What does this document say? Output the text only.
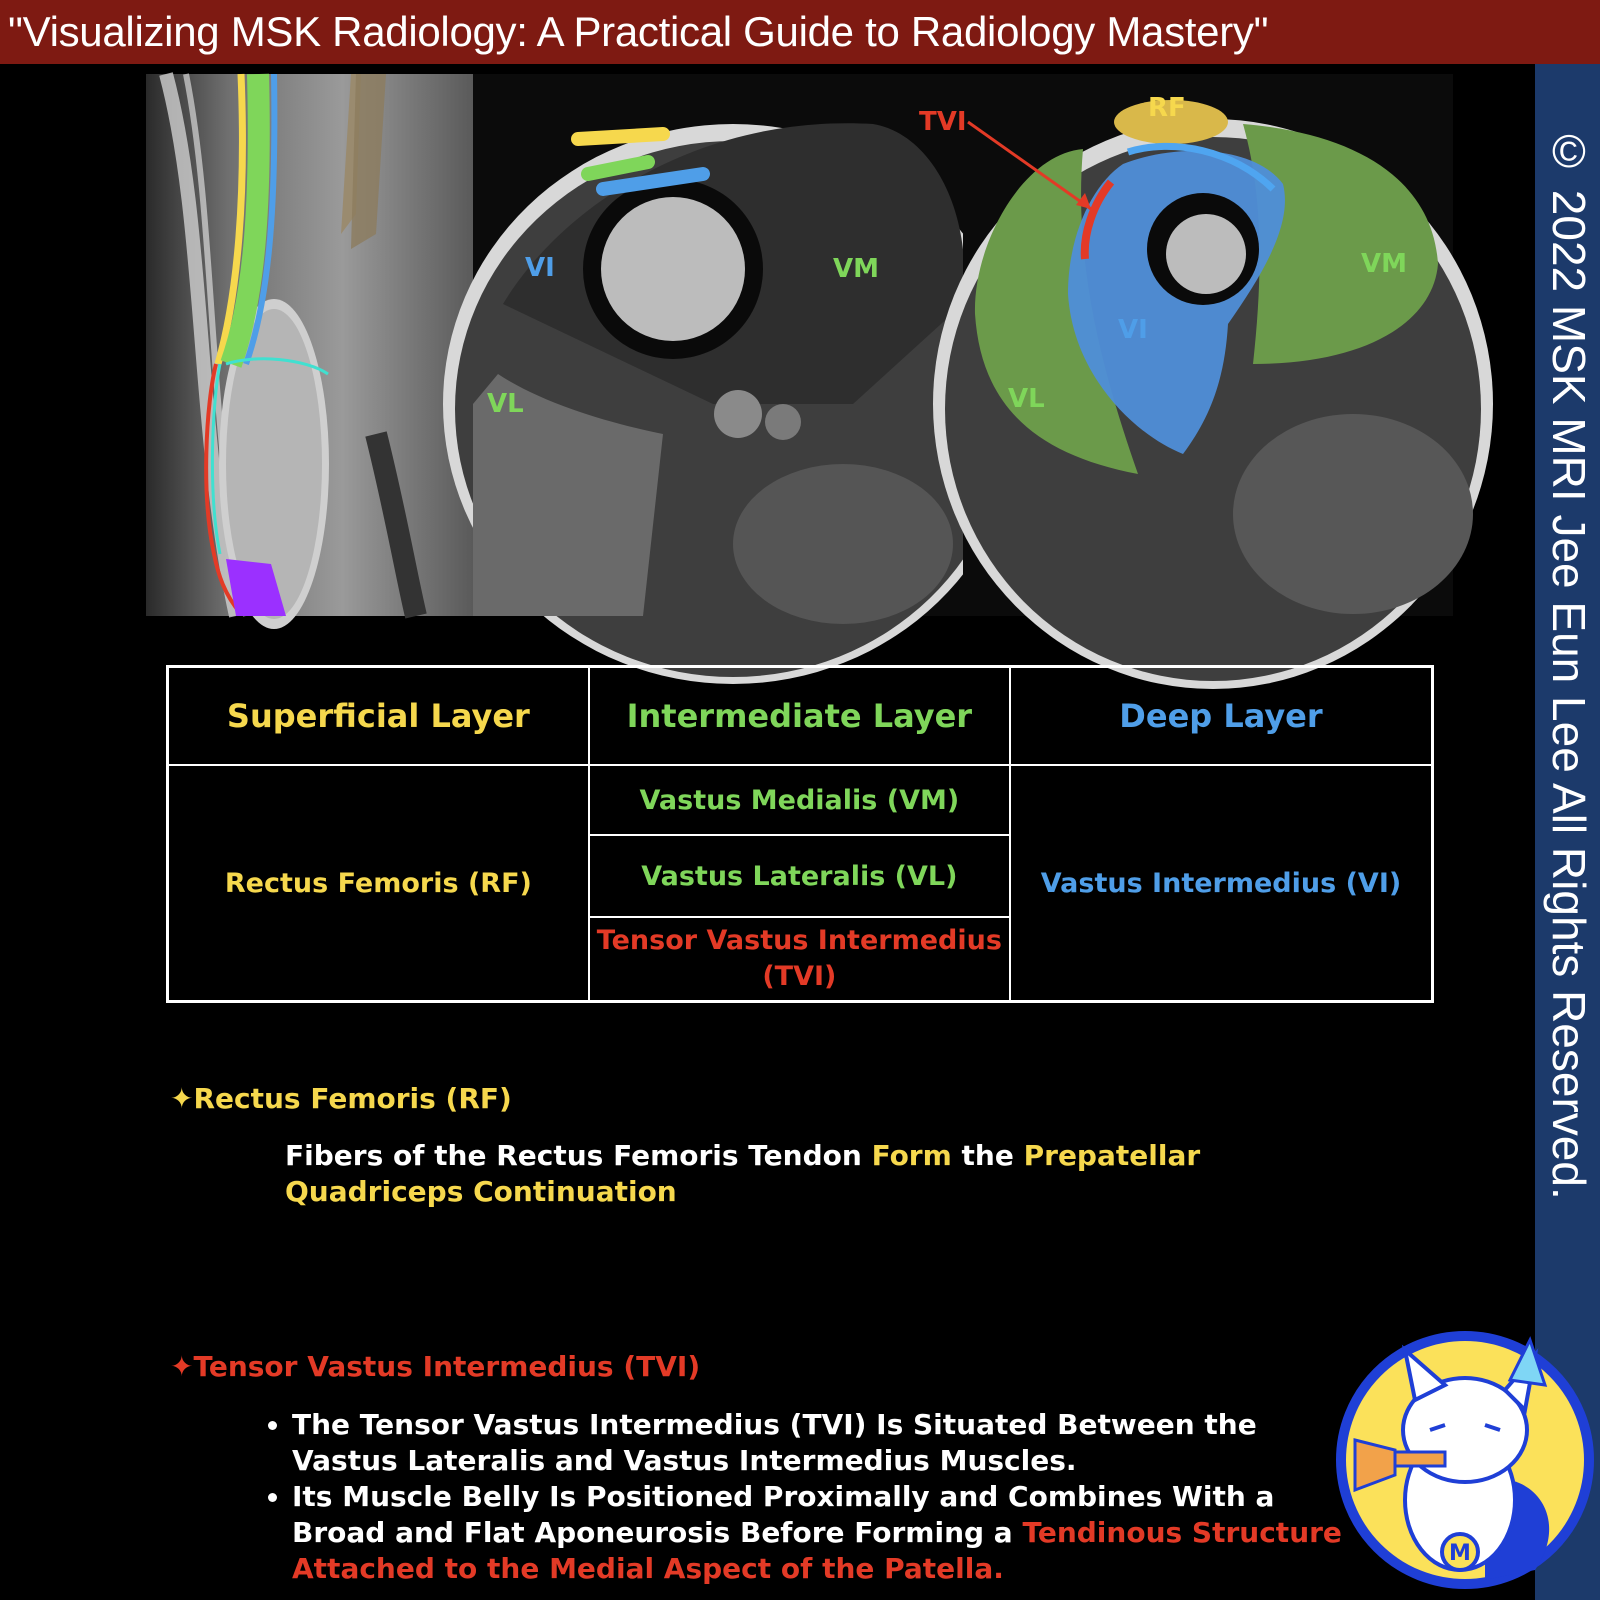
"Visualizing MSK Radiology: A Practical Guide to Radiology Mastery"
© 2022 MSK MRI Jee Eun Lee All Rights Reserved.
VI	VM
VL
TVI	RF
VI
VM
VL
Superficial Layer	Intermediate Layer	Deep Layer
Rectus Femoris (RF)	Vastus Medialis (VM)	Vastus Intermedius (VI)
	Vastus Lateralis (VL)	
	Tensor Vastus Intermedius (TVI)	
✦Rectus Femoris (RF)
Fibers of the Rectus Femoris Tendon Form the Prepatellar Quadriceps Continuation
✦Tensor Vastus Intermedius (TVI)
• The Tensor Vastus Intermedius (TVI) Is Situated Between the Vastus Lateralis and Vastus Intermedius Muscles.
• Its Muscle Belly Is Positioned Proximally and Combines With a Broad and Flat Aponeurosis Before Forming a Tendinous Structure Attached to the Medial Aspect of the Patella.	M
